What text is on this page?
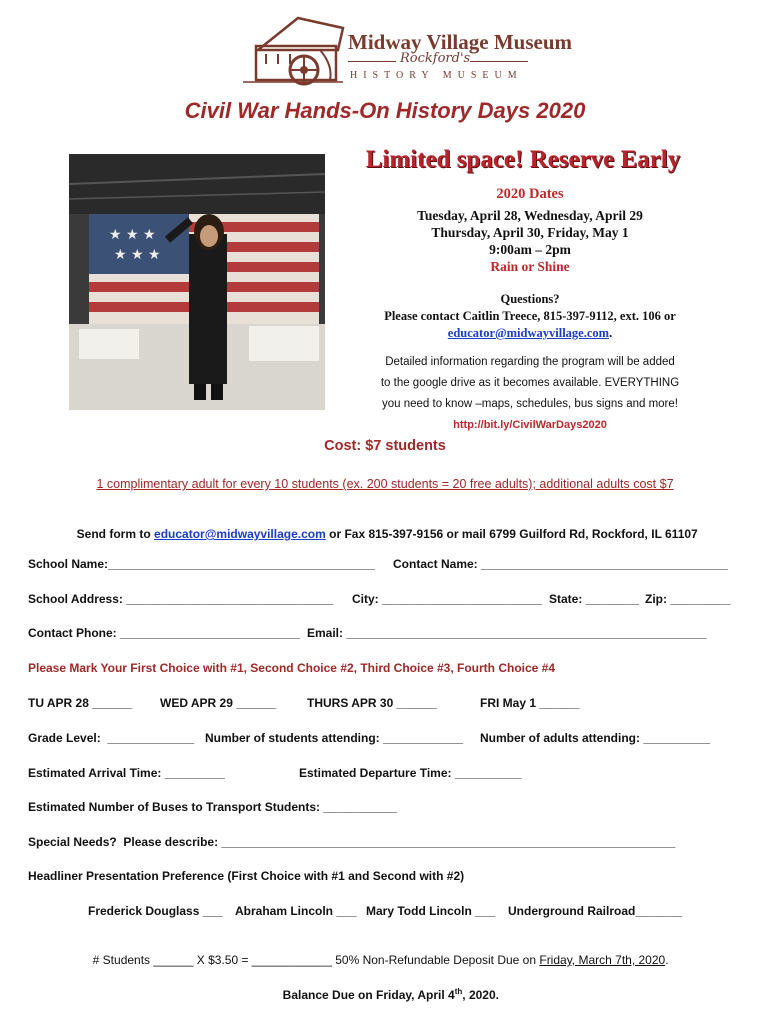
Midway Village Museum
Rockford's
HISTORY MUSEUM
Civil War Hands-On History Days 2020
Limited space! Reserve Early
★ ★ ★
★ ★ ★
2020 Dates
Tuesday, April 28, Wednesday, April 29
Thursday, April 30, Friday, May 1
9:00am – 2pm
Rain or Shine
Questions?
Please contact Caitlin Treece, 815-397-9112, ext. 106 or
educator@midwayvillage.com.
Detailed information regarding the program will be added
to the google drive as it becomes available. EVERYTHING
you need to know –maps, schedules, bus signs and more!
http://bit.ly/CivilWarDays2020
Cost: $7 students
1 complimentary adult for every 10 students (ex. 200 students = 20 free adults); additional adults cost $7

Send form to educator@midwayvillage.com or Fax 815-397-9156 or mail 6799 Guilford Rd, Rockford, IL 61107

School Name:________________________________________ Contact Name: _____________________________________
School Address: _______________________________ City: ________________________ State: ________ Zip: _________
Contact Phone: ___________________________ Email: ______________________________________________________
Please Mark Your First Choice with #1, Second Choice #2, Third Choice #3, Fourth Choice #4
TU APR 28 ______ WED APR 29 ______	THURS APR 30 ______	FRI May 1 ______
Grade Level:  _____________ Number of students attending: ____________ Number of adults attending: __________
Estimated Arrival Time: _________	Estimated Departure Time: __________
Estimated Number of Buses to Transport Students: ___________
Special Needs?  Please describe: ____________________________________________________________________
Headliner Presentation Preference (First Choice with #1 and Second with #2)
Frederick Douglass ___ Abraham Lincoln ___ Mary Todd Lincoln ___ Underground Railroad_______

# Students ______ X $3.50 = ____________ 50% Non-Refundable Deposit Due on Friday, March 7th, 2020.

Balance Due on Friday, April 4th, 2020.
